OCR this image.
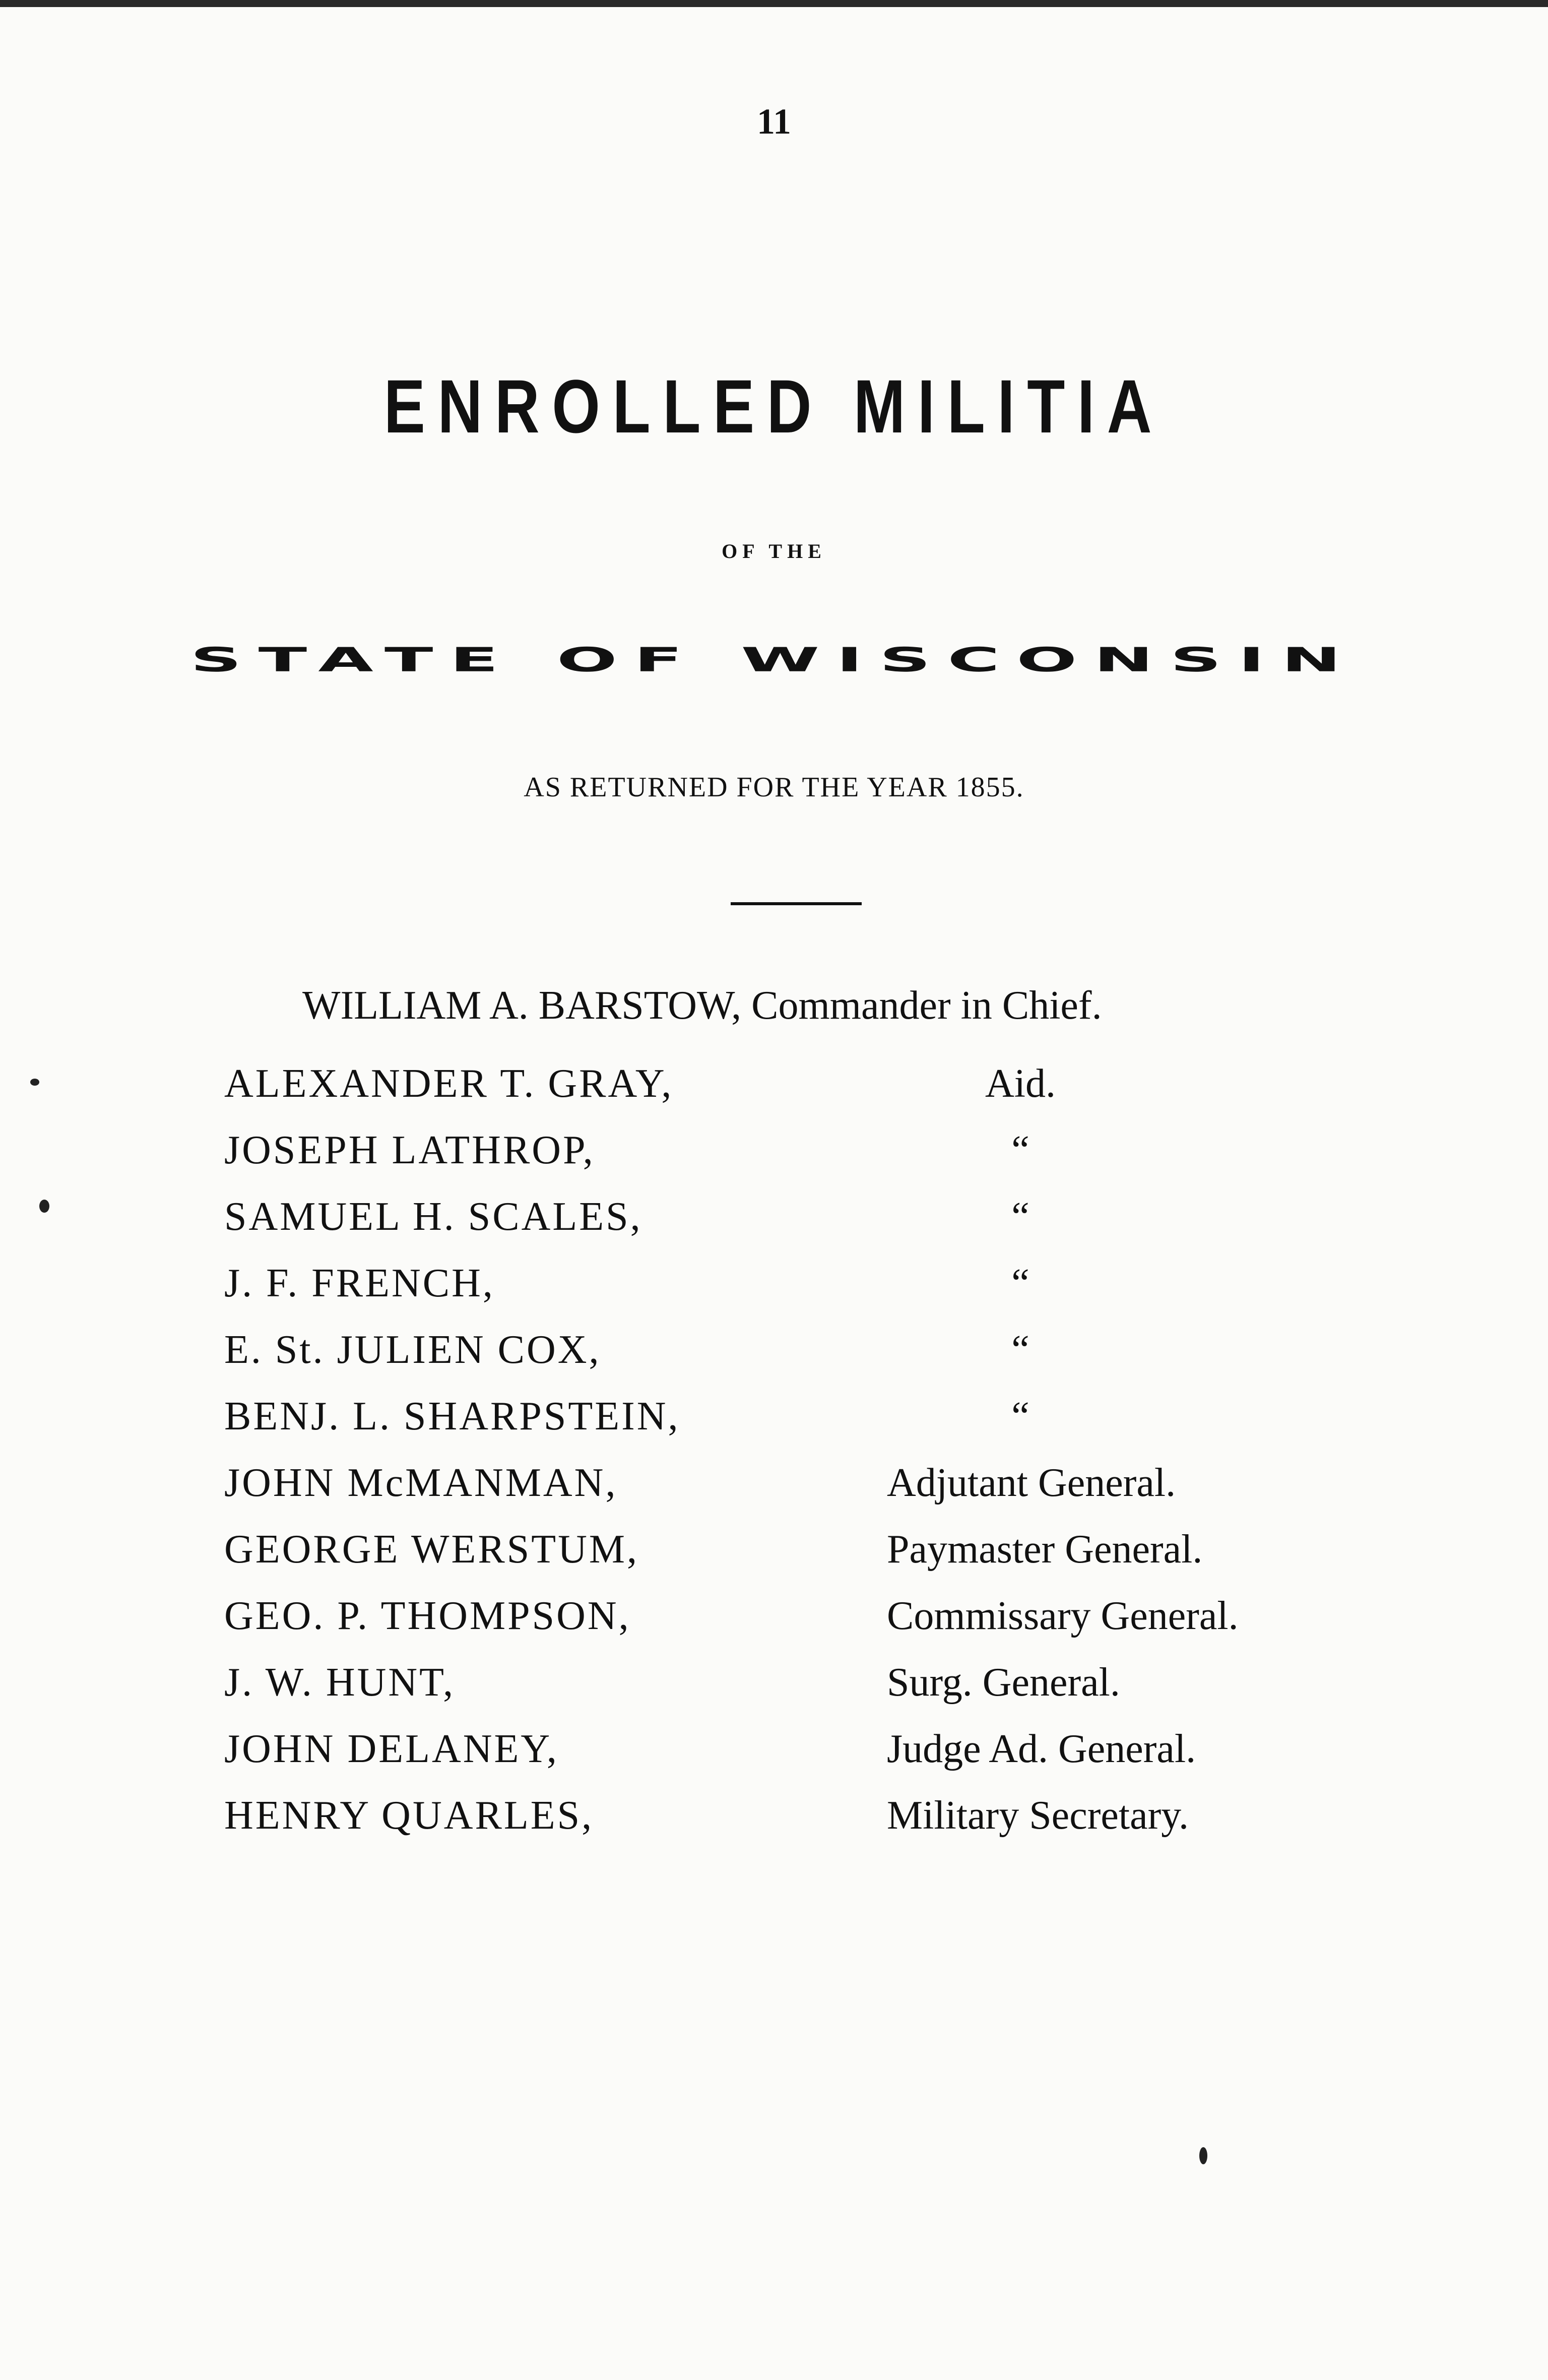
11
ENROLLED MILITIA
OF THE
STATE OF WISCONSIN
AS RETURNED FOR THE YEAR 1855.
WILLIAM A. BARSTOW, Commander in Chief.
ALEXANDER T. GRAY,	Aid.
JOSEPH LATHROP,	“
SAMUEL H. SCALES,	“
J. F. FRENCH,	“
E. St. JULIEN COX,	“
BENJ. L. SHARPSTEIN,	“
JOHN McMANMAN,	Adjutant General.
GEORGE WERSTUM,	Paymaster General.
GEO. P. THOMPSON,	Commissary General.
J. W. HUNT,	Surg. General.
JOHN DELANEY,	Judge Ad. General.
HENRY QUARLES,	Military Secretary.
